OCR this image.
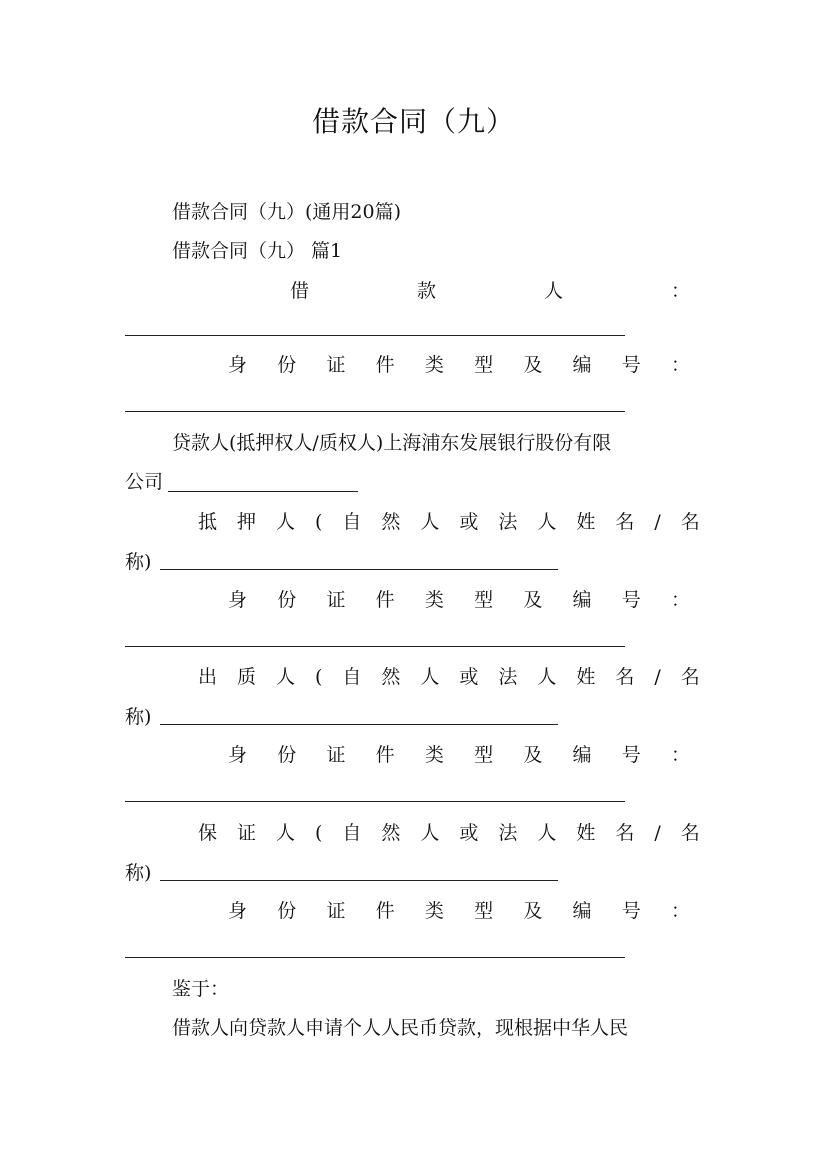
借款合同（九）
借款合同（九）(通用20篇)
借款合同（九） 篇1
借	款	人	：
身 份 证 件 类 型 及 编 号 ：
贷款人(抵押权人/质权人)上海浦东发展银行股份有限
公司
抵 押 人 ( 自 然 人 或 法 人 姓 名 / 名
称)
身 份 证 件 类 型 及 编 号 ：
出 质 人 ( 自 然 人 或 法 人 姓 名 / 名
称)
身 份 证 件 类 型 及 编 号 ：
保 证 人 ( 自 然 人 或 法 人 姓 名 / 名
称)
身 份 证 件 类 型 及 编 号 ：
鉴于：
借款人向贷款人申请个人人民币贷款，现根据中华人民
